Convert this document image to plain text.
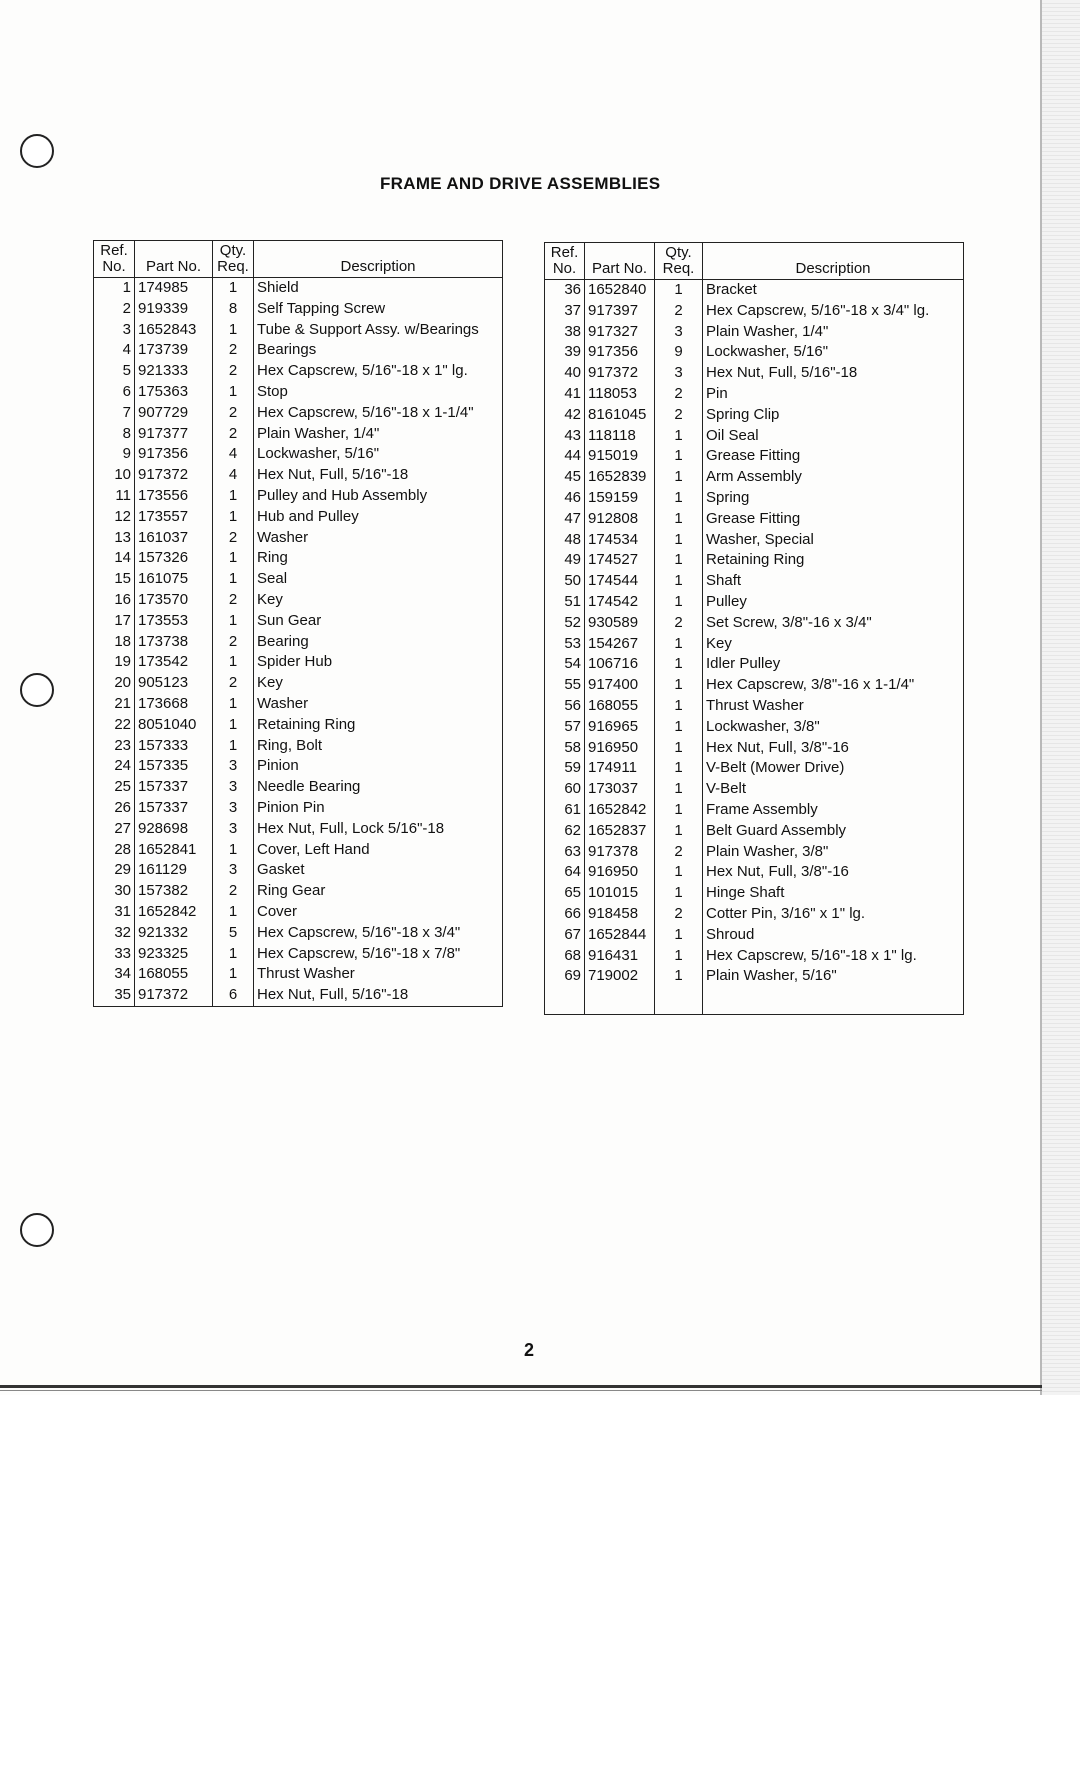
FRAME AND DRIVE ASSEMBLIES
Ref.
No.	Part No.	Qty.
Req.	Description
1	174985	1	Shield
2	919339	8	Self Tapping Screw
3	1652843	1	Tube & Support Assy. w/Bearings
4	173739	2	Bearings
5	921333	2	Hex Capscrew, 5/16"-18 x 1" lg.
6	175363	1	Stop
7	907729	2	Hex Capscrew, 5/16"-18 x 1-1/4"
8	917377	2	Plain Washer, 1/4"
9	917356	4	Lockwasher, 5/16"
10	917372	4	Hex Nut, Full, 5/16"-18
11	173556	1	Pulley and Hub Assembly
12	173557	1	Hub and Pulley
13	161037	2	Washer
14	157326	1	Ring
15	161075	1	Seal
16	173570	2	Key
17	173553	1	Sun Gear
18	173738	2	Bearing
19	173542	1	Spider Hub
20	905123	2	Key
21	173668	1	Washer
22	8051040	1	Retaining Ring
23	157333	1	Ring, Bolt
24	157335	3	Pinion
25	157337	3	Needle Bearing
26	157337	3	Pinion Pin
27	928698	3	Hex Nut, Full, Lock 5/16"-18
28	1652841	1	Cover, Left Hand
29	161129	3	Gasket
30	157382	2	Ring Gear
31	1652842	1	Cover
32	921332	5	Hex Capscrew, 5/16"-18 x 3/4"
33	923325	1	Hex Capscrew, 5/16"-18 x 7/8"
34	168055	1	Thrust Washer
35	917372	6	Hex Nut, Full, 5/16"-18
Ref.
No.	Part No.	Qty.
Req.	Description
36	1652840	1	Bracket
37	917397	2	Hex Capscrew, 5/16"-18 x 3/4" lg.
38	917327	3	Plain Washer, 1/4"
39	917356	9	Lockwasher, 5/16"
40	917372	3	Hex Nut, Full, 5/16"-18
41	118053	2	Pin
42	8161045	2	Spring Clip
43	118118	1	Oil Seal
44	915019	1	Grease Fitting
45	1652839	1	Arm Assembly
46	159159	1	Spring
47	912808	1	Grease Fitting
48	174534	1	Washer, Special
49	174527	1	Retaining Ring
50	174544	1	Shaft
51	174542	1	Pulley
52	930589	2	Set Screw, 3/8"-16 x 3/4"
53	154267	1	Key
54	106716	1	Idler Pulley
55	917400	1	Hex Capscrew, 3/8"-16 x 1-1/4"
56	168055	1	Thrust Washer
57	916965	1	Lockwasher, 3/8"
58	916950	1	Hex Nut, Full, 3/8"-16
59	174911	1	V-Belt (Mower Drive)
60	173037	1	V-Belt
61	1652842	1	Frame Assembly
62	1652837	1	Belt Guard Assembly
63	917378	2	Plain Washer, 3/8"
64	916950	1	Hex Nut, Full, 3/8"-16
65	101015	1	Hinge Shaft
66	918458	2	Cotter Pin, 3/16" x 1" lg.
67	1652844	1	Shroud
68	916431	1	Hex Capscrew, 5/16"-18 x 1" lg.
69	719002	1	Plain Washer, 5/16"

2
